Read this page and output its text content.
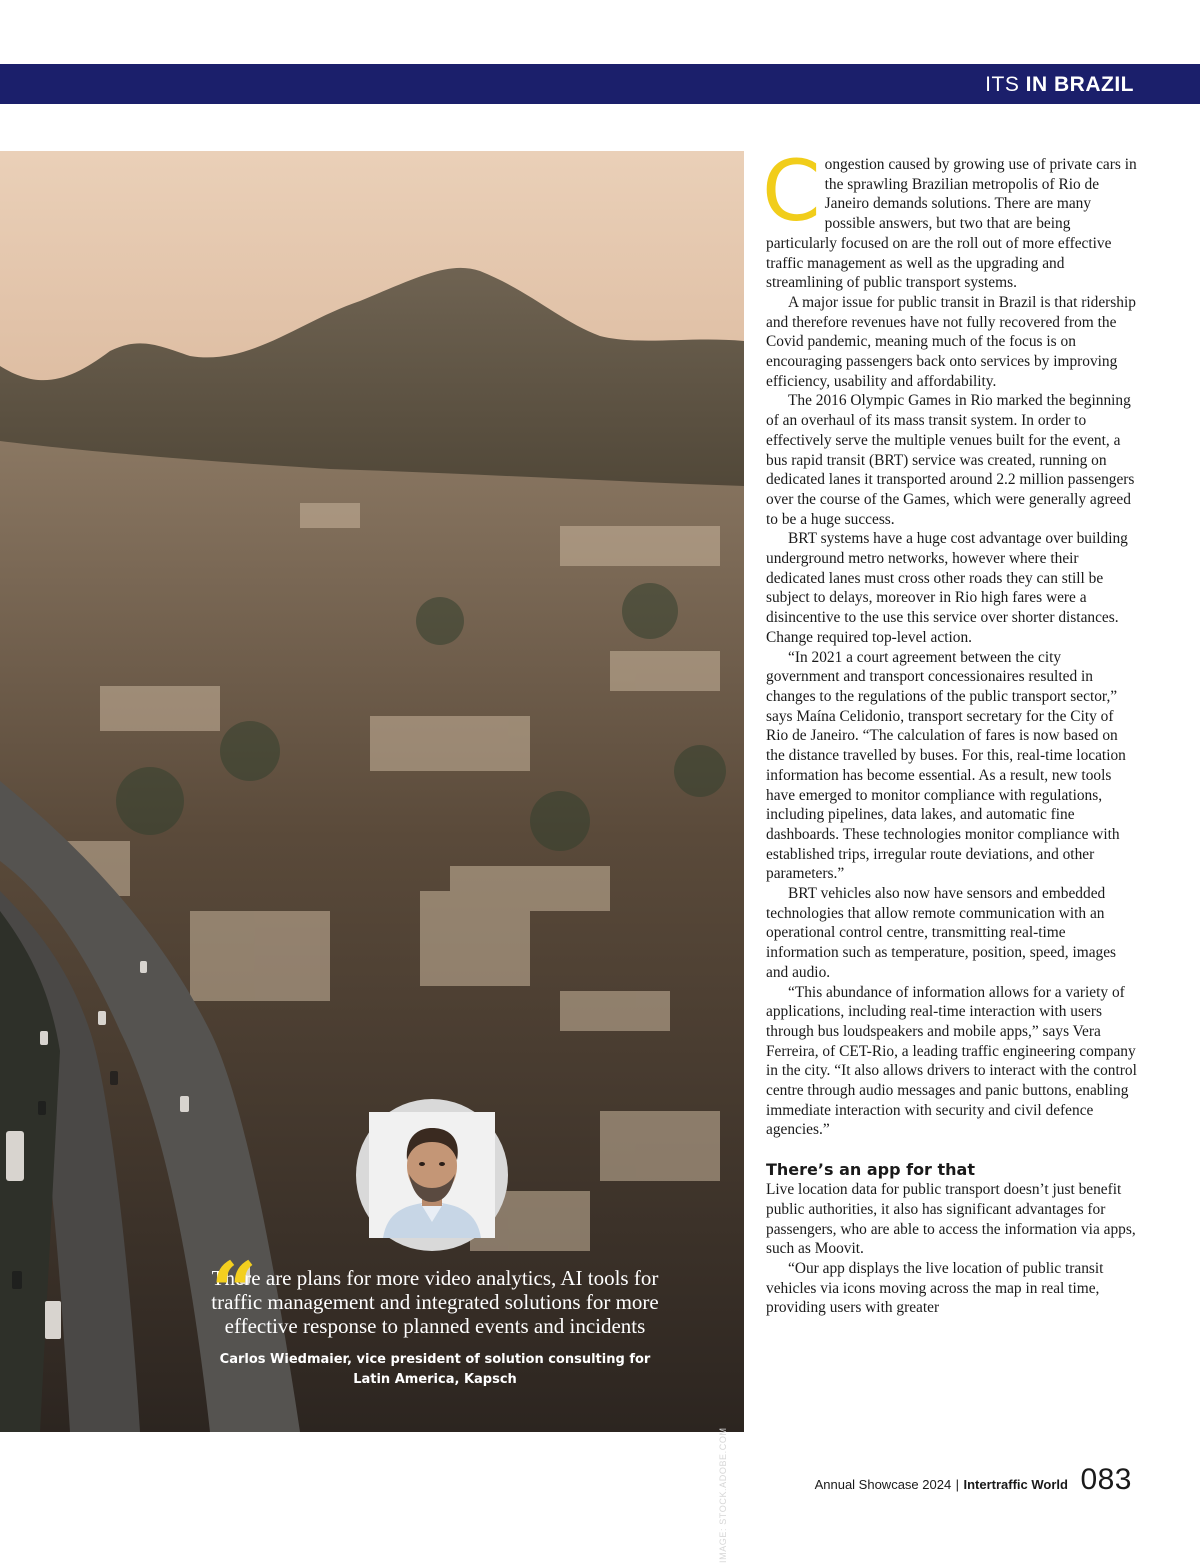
ITS IN BRAZIL
IMAGE: STOCK.ADOBE.COM
“

There are plans for more video analytics, AI tools for traffic management and integrated solutions for more effective response to planned events and incidents

Carlos Wiedmaier, vice president of solution consulting for Latin America, Kapsch

Congestion caused by growing use of private cars in the sprawling Brazilian metropolis of Rio de Janeiro demands solutions. There are many possible answers, but two that are being particularly focused on are the roll out of more effective traffic management as well as the upgrading and streamlining of public transport systems.

A major issue for public transit in Brazil is that ridership and therefore revenues have not fully recovered from the Covid pandemic, meaning much of the focus is on encouraging passengers back onto services by improving efficiency, usability and affordability.

The 2016 Olympic Games in Rio marked the beginning of an overhaul of its mass transit system. In order to effectively serve the multiple venues built for the event, a bus rapid transit (BRT) service was created, running on dedicated lanes it transported around 2.2 million passengers over the course of the Games, which were generally agreed to be a huge success.

BRT systems have a huge cost advantage over building underground metro networks, however where their dedicated lanes must cross other roads they can still be subject to delays, moreover in Rio high fares were a disincentive to the use this service over shorter distances. Change required top-level action.

“In 2021 a court agreement between the city government and transport concessionaires resulted in changes to the regulations of the public transport sector,” says Maína Celidonio, transport secretary for the City of Rio de Janeiro. “The calculation of fares is now based on the distance travelled by buses. For this, real-time location information has become essential. As a result, new tools have emerged to monitor compliance with regulations, including pipelines, data lakes, and automatic fine dashboards. These technologies monitor compliance with established trips, irregular route deviations, and other parameters.”

BRT vehicles also now have sensors and embedded technologies that allow remote communication with an operational control centre, transmitting real-time information such as temperature, position, speed, images and audio.

“This abundance of information allows for a variety of applications, including real-time interaction with users through bus loudspeakers and mobile apps,” says Vera Ferreira, of CET-Rio, a leading traffic engineering company in the city. “It also allows drivers to interact with the control centre through audio messages and panic buttons, enabling immediate interaction with security and civil defence agencies.”

There’s an app for that

Live location data for public transport doesn’t just benefit public authorities, it also has significant advantages for passengers, who are able to access the information via apps, such as Moovit.

“Our app displays the live location of public transit vehicles via icons moving across the map in real time, providing users with greater

Annual Showcase 2024 | Intertraffic World 083
